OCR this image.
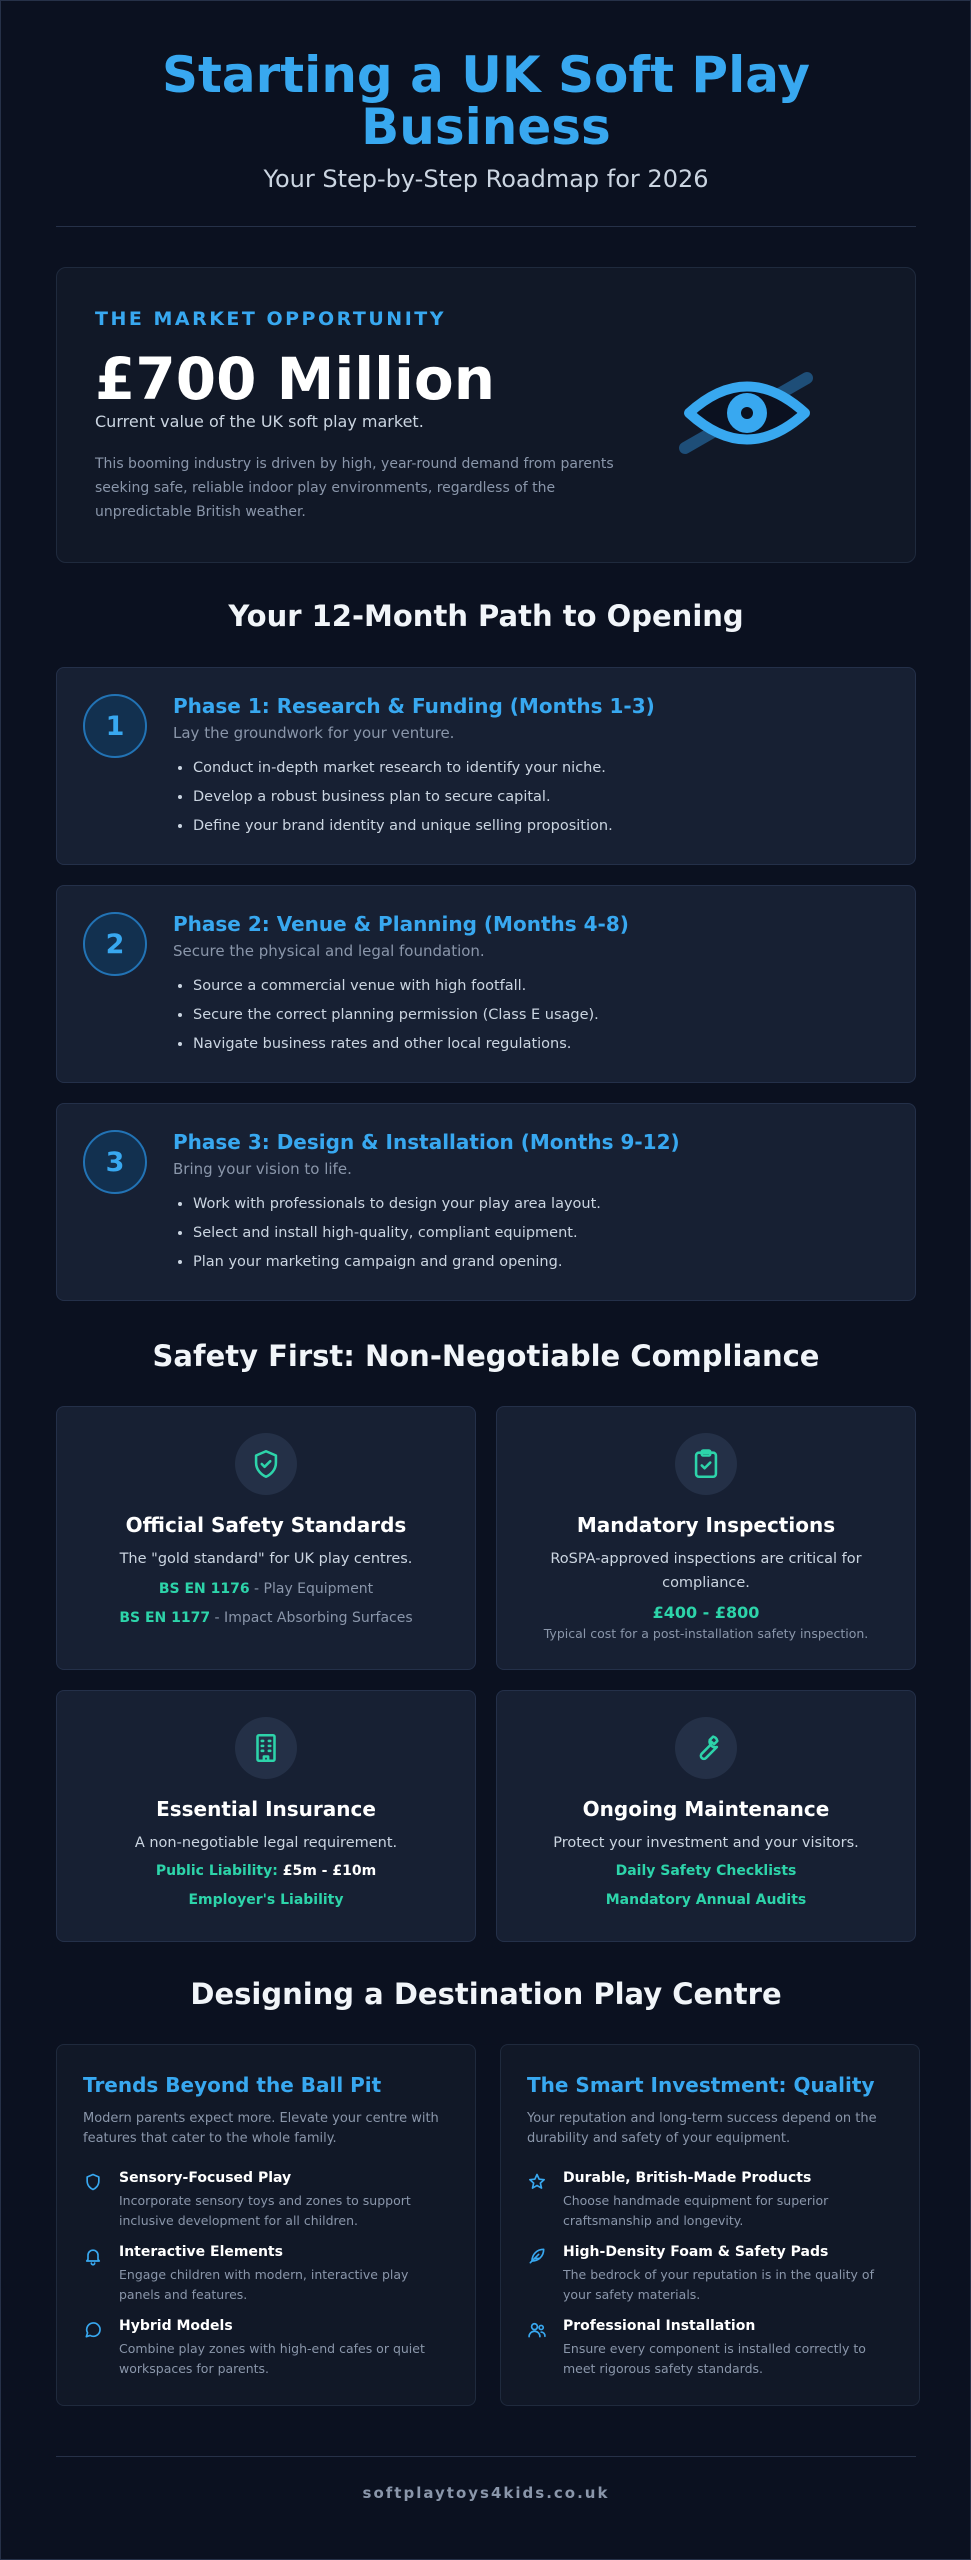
Starting a UK Soft Play Business

Your Step-by-Step Roadmap for 2026

THE MARKET OPPORTUNITY
£700 Million
Current value of the UK soft play market.
This booming industry is driven by high, year-round demand from parents seeking safe, reliable indoor play environments, regardless of the unpredictable British weather.
Your 12-Month Path to Opening
1
Phase 1: Research & Funding (Months 1-3)
Lay the groundwork for your venture.
• Conduct in-depth market research to identify your niche.
• Develop a robust business plan to secure capital.
• Define your brand identity and unique selling proposition.
2
Phase 2: Venue & Planning (Months 4-8)
Secure the physical and legal foundation.
• Source a commercial venue with high footfall.
• Secure the correct planning permission (Class E usage).
• Navigate business rates and other local regulations.
3
Phase 3: Design & Installation (Months 9-12)
Bring your vision to life.
• Work with professionals to design your play area layout.
• Select and install high-quality, compliant equipment.
• Plan your marketing campaign and grand opening.
Safety First: Non-Negotiable Compliance
Official Safety Standards
The "gold standard" for UK play centres.
BS EN 1176 - Play Equipment
BS EN 1177 - Impact Absorbing Surfaces
Mandatory Inspections
RoSPA-approved inspections are critical for compliance.
£400 - £800
Typical cost for a post-installation safety inspection.
Essential Insurance
A non-negotiable legal requirement.
Public Liability: £5m - £10m
Employer's Liability
Ongoing Maintenance
Protect your investment and your visitors.
Daily Safety Checklists
Mandatory Annual Audits
Designing a Destination Play Centre
Trends Beyond the Ball Pit
Modern parents expect more. Elevate your centre with features that cater to the whole family.
Sensory-Focused Play
Incorporate sensory toys and zones to support inclusive development for all children.
Interactive Elements
Engage children with modern, interactive play panels and features.
Hybrid Models
Combine play zones with high-end cafes or quiet workspaces for parents.
The Smart Investment: Quality
Your reputation and long-term success depend on the durability and safety of your equipment.
Durable, British-Made Products
Choose handmade equipment for superior craftsmanship and longevity.
High-Density Foam & Safety Pads
The bedrock of your reputation is in the quality of your safety materials.
Professional Installation
Ensure every component is installed correctly to meet rigorous safety standards.
softplaytoys4kids.co.uk
